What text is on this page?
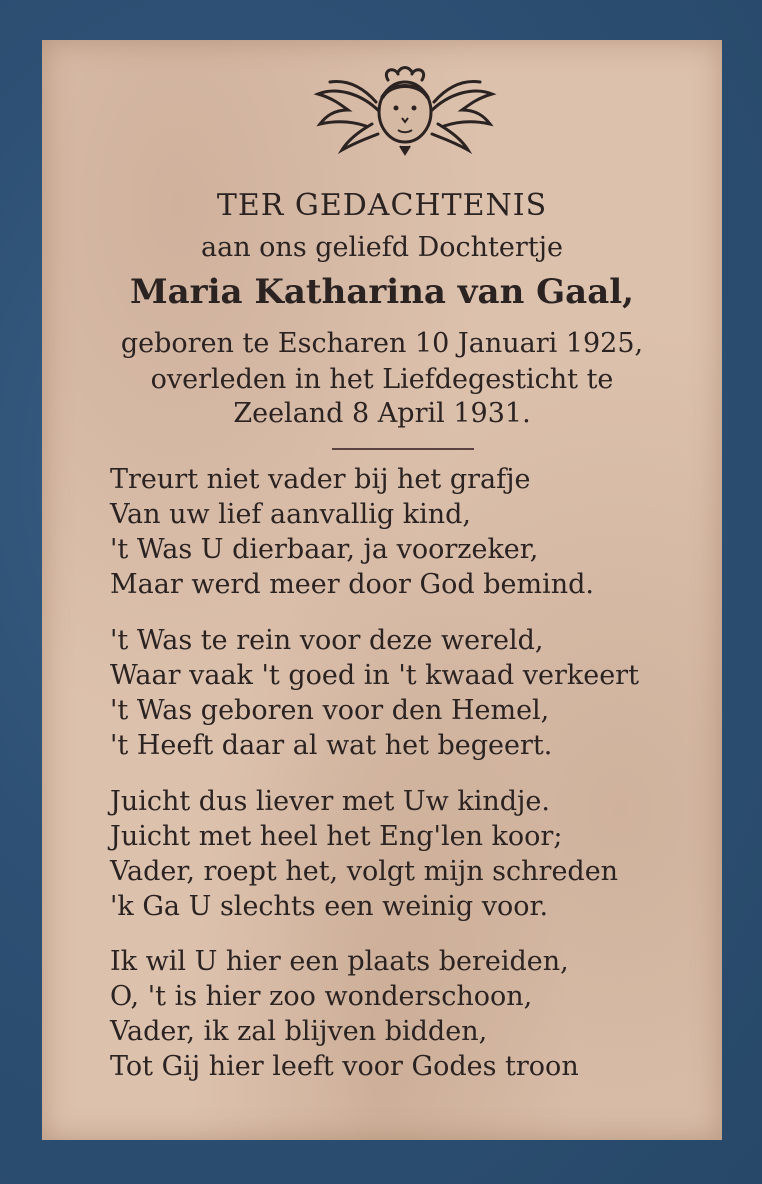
TER GEDACHTENIS
aan ons geliefd Dochtertje
Maria Katharina van Gaal,
geboren te Escharen 10 Januari 1925,
overleden in het Liefdegesticht te
Zeeland 8 April 1931.
Treurt niet vader bij het grafje
Van uw lief aanvallig kind,
't Was U dierbaar, ja voorzeker,
Maar werd meer door God bemind.
't Was te rein voor deze wereld,
Waar vaak 't goed in 't kwaad verkeert
't Was geboren voor den Hemel,
't Heeft daar al wat het begeert.
Juicht dus liever met Uw kindje.
Juicht met heel het Eng'len koor;
Vader, roept het, volgt mijn schreden
'k Ga U slechts een weinig voor.
Ik wil U hier een plaats bereiden,
O, 't is hier zoo wonderschoon,
Vader, ik zal blijven bidden,
Tot Gij hier leeft voor Godes troon
